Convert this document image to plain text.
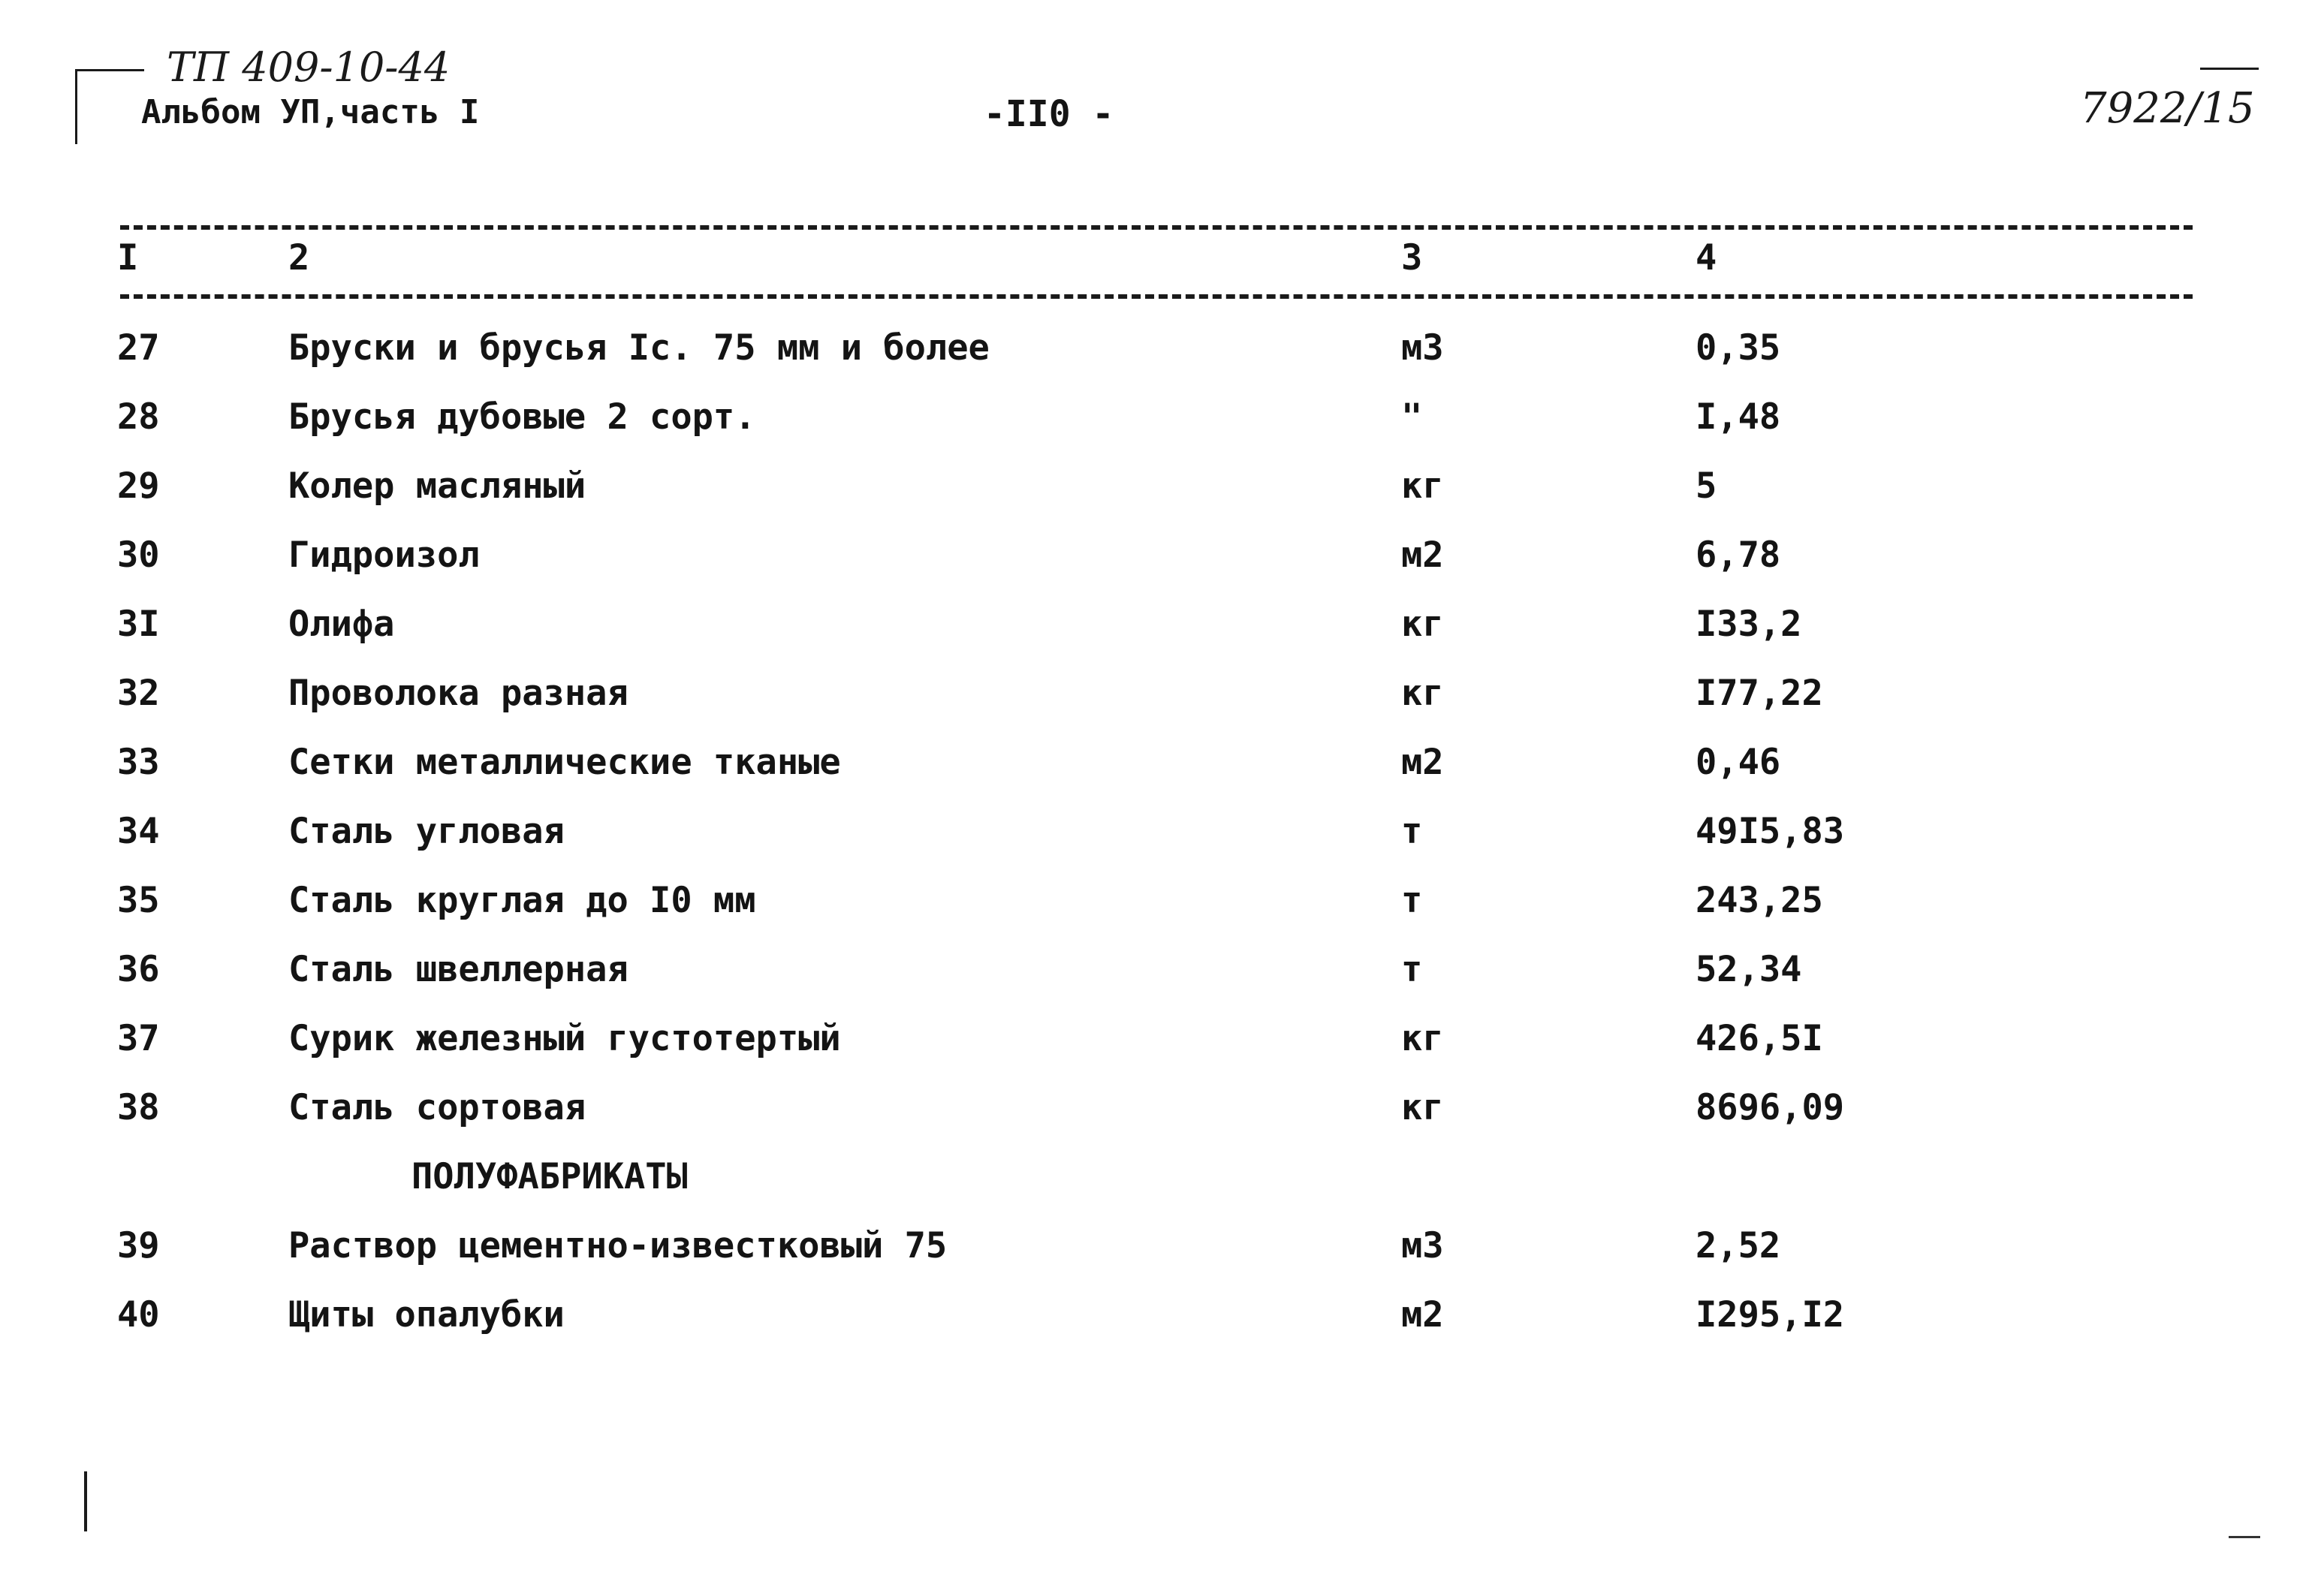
ТП 409-10-44
Альбом УП,часть I	-II0 -	7922/15
I	2	3	4
27	Бруски и брусья Iс. 75 мм и более	м3	0,35
28	Брусья дубовые 2 сорт.	"	I,48
29	Колер масляный	кг	5
30	Гидроизол	м2	6,78
3I	Олифа	кг	I33,2
32	Проволока разная	кг	I77,22
33	Сетки металлические тканые	м2	0,46
34	Сталь угловая	т	49I5,83
35	Сталь круглая до I0 мм	т	243,25
36	Сталь швеллерная	т	52,34
37	Сурик железный густотертый	кг	426,5I
38	Сталь сортовая	кг	8696,09
ПОЛУФАБРИКАТЫ
39	Раствор цементно-известковый 75	м3	2,52
40	Щиты опалубки	м2	I295,I2
